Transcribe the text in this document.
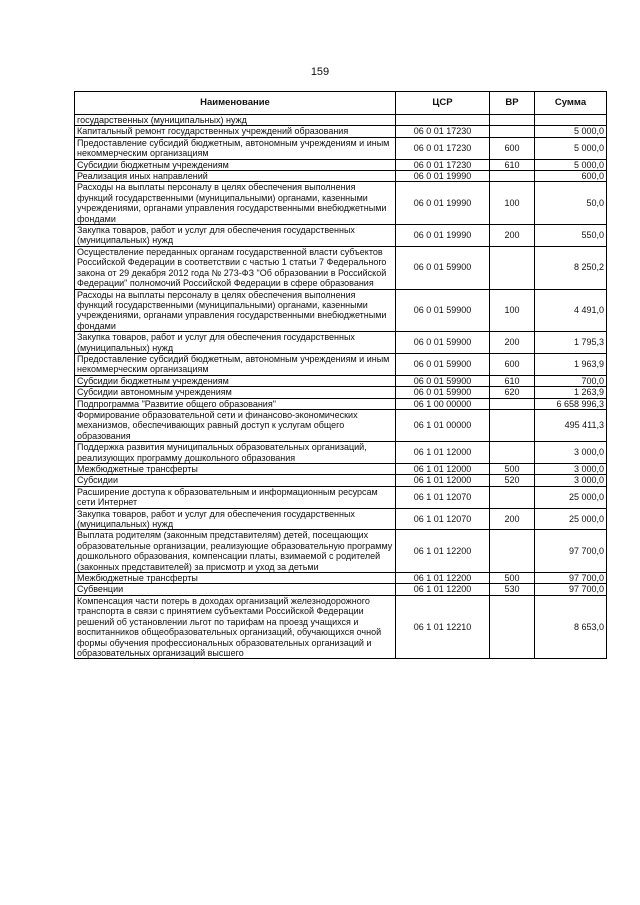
159
Наименование	ЦСР	ВР	Сумма
государственных (муниципальных) нужд			
Капитальный ремонт государственных учреждений образования	06 0 01 17230		5 000,0
Предоставление субсидий бюджетным, автономным учреждениям и иным некоммерческим организациям	06 0 01 17230	600	5 000,0
Субсидии бюджетным учреждениям	06 0 01 17230	610	5 000,0
Реализация иных направлений	06 0 01 19990		600,0
Расходы на выплаты персоналу в целях обеспечения выполнения функций государственными (муниципальными) органами, казенными учреждениями, органами управления государственными внебюджетными фондами	06 0 01 19990	100	50,0
Закупка товаров, работ и услуг для обеспечения государственных (муниципальных) нужд	06 0 01 19990	200	550,0
Осуществление переданных органам государственной власти субъектов Российской Федерации в соответствии с частью 1 статьи 7 Федерального закона от 29 декабря 2012 года № 273-ФЗ "Об образовании в Российской Федерации" полномочий Российской Федерации в сфере образования	06 0 01 59900		8 250,2
Расходы на выплаты персоналу в целях обеспечения выполнения функций государственными (муниципальными) органами, казенными учреждениями, органами управления государственными внебюджетными фондами	06 0 01 59900	100	4 491,0
Закупка товаров, работ и услуг для обеспечения государственных (муниципальных) нужд	06 0 01 59900	200	1 795,3
Предоставление субсидий бюджетным, автономным учреждениям и иным некоммерческим организациям	06 0 01 59900	600	1 963,9
Субсидии бюджетным учреждениям	06 0 01 59900	610	700,0
Субсидии автономным учреждениям	06 0 01 59900	620	1 263,9
Подпрограмма "Развитие общего образования"	06 1 00 00000		6 658 996,3
Формирование образовательной сети и финансово-экономических механизмов, обеспечивающих равный доступ к услугам общего образования	06 1 01 00000		495 411,3
Поддержка развития муниципальных образовательных организаций, реализующих программу дошкольного образования	06 1 01 12000		3 000,0
Межбюджетные трансферты	06 1 01 12000	500	3 000,0
Субсидии	06 1 01 12000	520	3 000,0
Расширение доступа к образовательным и информационным ресурсам сети Интернет	06 1 01 12070		25 000,0
Закупка товаров, работ и услуг для обеспечения государственных (муниципальных) нужд	06 1 01 12070	200	25 000,0
Выплата родителям (законным представителям) детей, посещающих образовательные организации, реализующие образовательную программу дошкольного образования, компенсации платы, взимаемой с родителей (законных представителей) за присмотр и уход за детьми	06 1 01 12200		97 700,0
Межбюджетные трансферты	06 1 01 12200	500	97 700,0
Субвенции	06 1 01 12200	530	97 700,0
Компенсация части потерь в доходах организаций железнодорожного транспорта в связи с принятием субъектами Российской Федерации решений об установлении льгот по тарифам на проезд учащихся и воспитанников общеобразовательных организаций, обучающихся очной формы обучения профессиональных образовательных организаций и образовательных организаций высшего	06 1 01 12210		8 653,0
